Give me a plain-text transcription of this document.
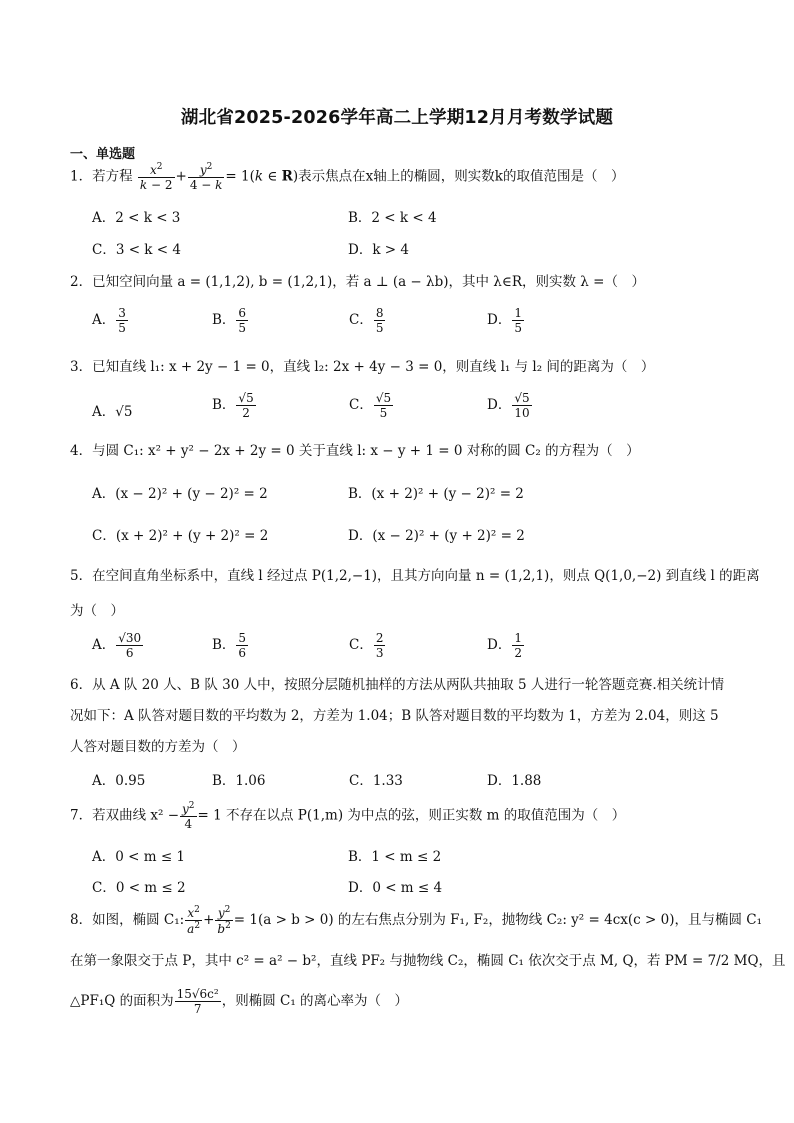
湖北省2025-2026学年高二上学期12月月考数学试题
一、单选题
1．若方程 $\frac{x^2}{k - 2} + \frac{y^2}{4 - k} = 1(k$ ∈ R)表示焦点在x轴上的椭圆，则实数k的取值范围是（　）
A．2 < k < 3	B．2 < k < 4
C．3 < k < 4	D．k > 4
2．已知空间向量 a = (1,1,2), b = (1,2,1)，若 a ⊥ (a − λb)，其中 λ∈R，则实数 λ =（　）
A． $\frac{3}{5}$	B． $\frac{6}{5}$	C． $\frac{8}{5}$	D． $\frac{1}{5}$
3．已知直线 l₁: x + 2y − 1 = 0，直线 l₂: 2x + 4y − 3 = 0，则直线 l₁ 与 l₂ 间的距离为（　）
A．√5	B． $\frac{√5}{2}$	C． $\frac{√5}{5}$	D． $\frac{√5}{10}$
4．与圆 C₁: x² + y² − 2x + 2y = 0 关于直线 l: x − y + 1 = 0 对称的圆 C₂ 的方程为（　）
A．(x − 2)² + (y − 2)² = 2	B．(x + 2)² + (y − 2)² = 2
C．(x + 2)² + (y + 2)² = 2	D．(x − 2)² + (y + 2)² = 2
5．在空间直角坐标系中，直线 l 经过点 P(1,2,−1)，且其方向向量 n = (1,2,1)，则点 Q(1,0,−2) 到直线 l 的距离
为（　）
A． $\frac{√30}{6}$	B． $\frac{5}{6}$	C． $\frac{2}{3}$	D． $\frac{1}{2}$
6．从 A 队 20 人、B 队 30 人中，按照分层随机抽样的方法从两队共抽取 5 人进行一轮答题竞赛.相关统计情
况如下：A 队答对题目数的平均数为 2，方差为 1.04；B 队答对题目数的平均数为 1，方差为 2.04，则这 5
人答对题目数的方差为（　）
A．0.95	B．1.06	C．1.33	D．1.88
7．若双曲线 $x^2 - \frac{y^2}{4} = 1$ 不存在以点 P(1,m) 为中点的弦，则正实数 m 的取值范围为（　）
A．0 < m ≤ 1	B．1 < m ≤ 2
C．0 < m ≤ 2	D．0 < m ≤ 4
8．如图，椭圆 C₁: $\frac{x^2}{a^2} + \frac{y^2}{b^2} = 1(a > b > 0)$ 的左右焦点分别为 F₁, F₂，抛物线 C₂: y² = 4cx(c > 0)，且与椭圆 C₁
在第一象限交于点 P，其中 c² = a² − b²，直线 PF₂ 与抛物线 C₂，椭圆 C₁ 依次交于点 M, Q，若 PM = 7/2 MQ，且
△PF₁Q 的面积为 $\frac{\text{15√6c²}}{7}$ ，则椭圆 C₁ 的离心率为（　）
